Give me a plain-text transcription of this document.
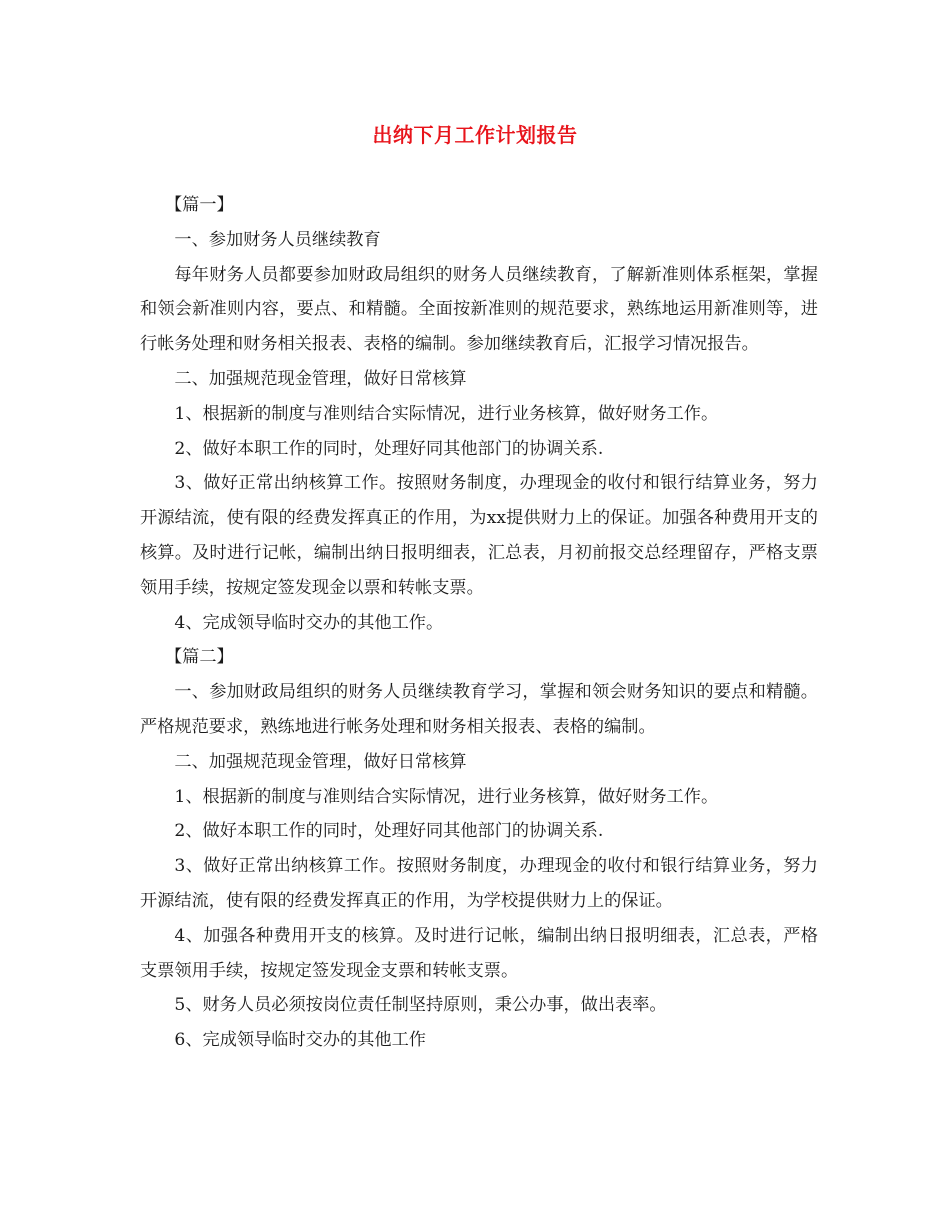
出纳下月工作计划报告

【篇一】

一、参加财务人员继续教育

每年财务人员都要参加财政局组织的财务人员继续教育，了解新准则体系框架，掌握和领会新准则内容，要点、和精髓。全面按新准则的规范要求，熟练地运用新准则等，进行帐务处理和财务相关报表、表格的编制。参加继续教育后，汇报学习情况报告。

二、加强规范现金管理，做好日常核算

1、根据新的制度与准则结合实际情况，进行业务核算，做好财务工作。

2、做好本职工作的同时，处理好同其他部门的协调关系.

3、做好正常出纳核算工作。按照财务制度，办理现金的收付和银行结算业务，努力开源结流，使有限的经费发挥真正的作用，为xx提供财力上的保证。加强各种费用开支的核算。及时进行记帐，编制出纳日报明细表，汇总表，月初前报交总经理留存，严格支票领用手续，按规定签发现金以票和转帐支票。

4、完成领导临时交办的其他工作。

【篇二】

一、参加财政局组织的财务人员继续教育学习，掌握和领会财务知识的要点和精髓。严格规范要求，熟练地进行帐务处理和财务相关报表、表格的编制。

二、加强规范现金管理，做好日常核算

1、根据新的制度与准则结合实际情况，进行业务核算，做好财务工作。

2、做好本职工作的同时，处理好同其他部门的协调关系.

3、做好正常出纳核算工作。按照财务制度，办理现金的收付和银行结算业务，努力开源结流，使有限的经费发挥真正的作用，为学校提供财力上的保证。

4、加强各种费用开支的核算。及时进行记帐，编制出纳日报明细表，汇总表，严格支票领用手续，按规定签发现金支票和转帐支票。

5、财务人员必须按岗位责任制坚持原则，秉公办事，做出表率。

6、完成领导临时交办的其他工作
